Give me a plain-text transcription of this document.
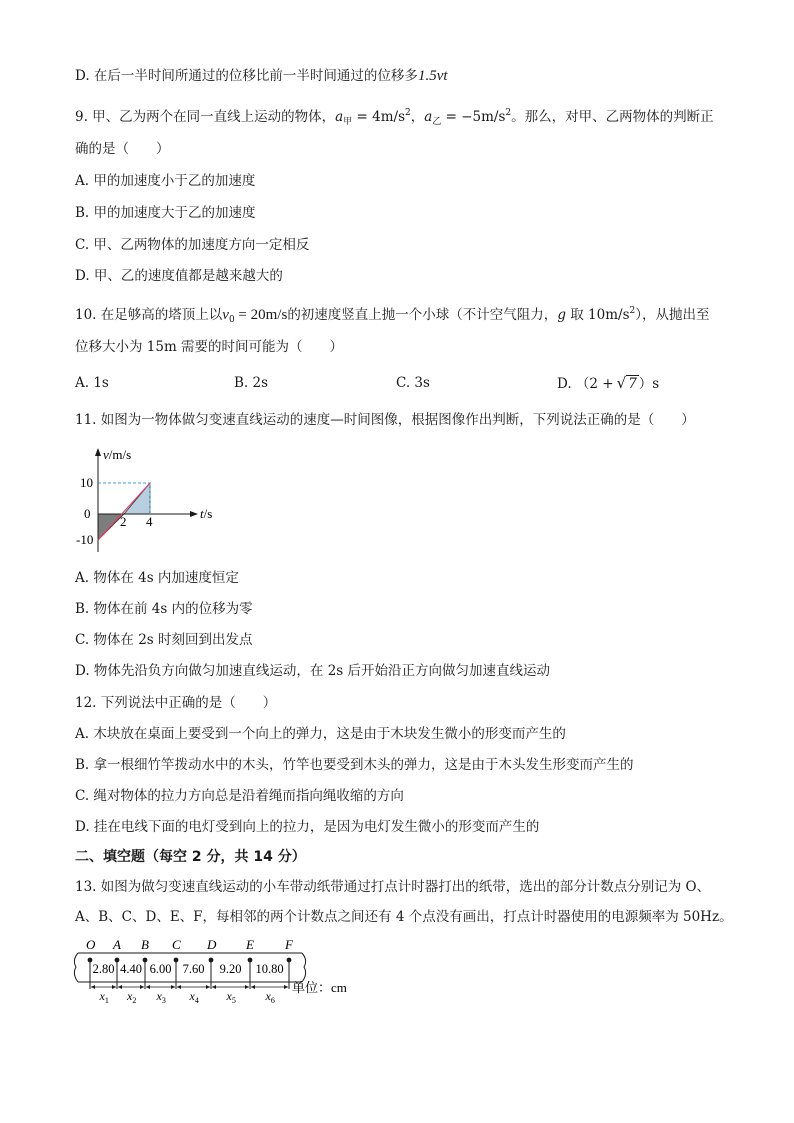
D. 在后一半时间所通过的位移比前一半时间通过的位移多1.5vt
9. 甲、乙为两个在同一直线上运动的物体，$a_甲 = 4m/s^2$，$a_乙 = -5m/s^2$。那么，对甲、乙两物体的判断正
确的是（　　）
A. 甲的加速度小于乙的加速度
B. 甲的加速度大于乙的加速度
C. 甲、乙两物体的加速度方向一定相反
D. 甲、乙的速度值都是越来越大的
10. 在足够高的塔顶上以$v_0 = 20m/s$的初速度竖直上抛一个小球（不计空气阻力，g 取 $10m/s^2$），从抛出至
位移大小为 15m 需要的时间可能为（　　）
A. 1s	B. 2s	C. 3s	D. （2 + √ 7 ）s
11. 如图为一物体做匀变速直线运动的速度—时间图像，根据图像作出判断，下列说法正确的是（　　）
v/m/s
t/s
10
0
-10
2 4
A. 物体在 4s 内加速度恒定
B. 物体在前 4s 内的位移为零
C. 物体在 2s 时刻回到出发点
D. 物体先沿负方向做匀加速直线运动，在 2s 后开始沿正方向做匀加速直线运动
12. 下列说法中正确的是（　　）
A. 木块放在桌面上要受到一个向上的弹力，这是由于木块发生微小的形变而产生的
B. 拿一根细竹竿拨动水中的木头，竹竿也要受到木头的弹力，这是由于木头发生形变而产生的
C. 绳对物体的拉力方向总是沿着绳而指向绳收缩的方向
D. 挂在电线下面的电灯受到向上的拉力，是因为电灯发生微小的形变而产生的
二、填空题（每空 2 分，共 14 分）
13. 如图为做匀变速直线运动的小车带动纸带通过打点计时器打出的纸带，选出的部分计数点分别记为 O、
A、B、C、D、E、F，每相邻的两个计数点之间还有 4 个点没有画出，打点计时器使用的电源频率为 50Hz。
O A B C D E F
2.80
$x_1$
4.40
$x_2$
6.00
$x_3$
7.60
$x_4$
9.20
$x_5$
10.80
$x_6$
单位：cm
